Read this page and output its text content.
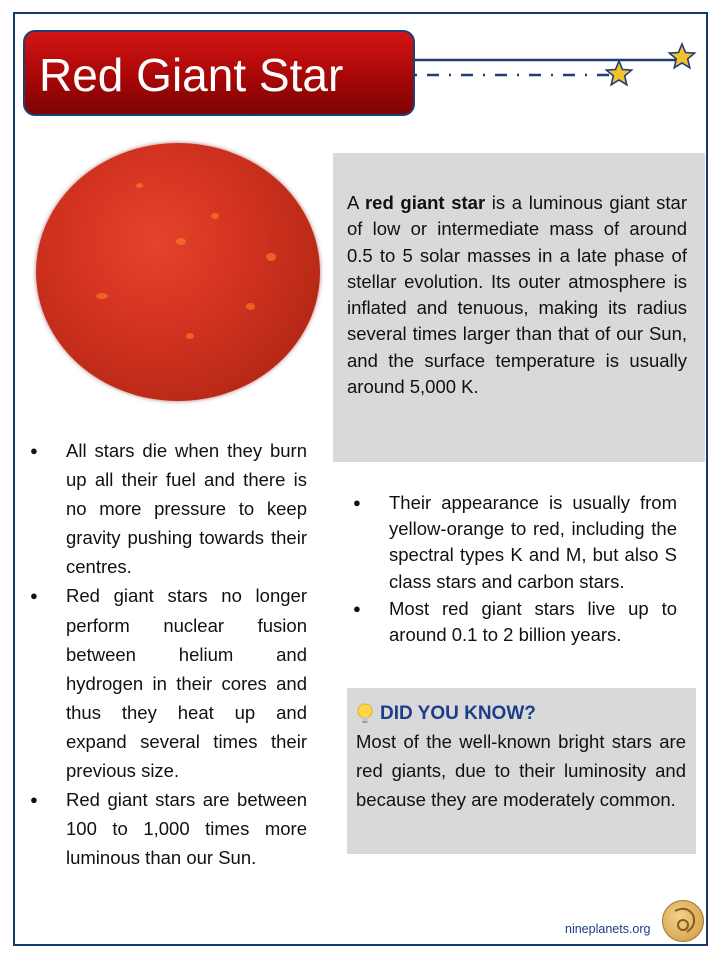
Red Giant Star
A red giant star is a luminous giant star of low or intermediate mass of around 0.5 to 5 solar masses in a late phase of stellar evolution. Its outer atmosphere is inflated and tenuous, making its radius several times larger than that of our Sun, and the surface temperature is usually around 5,000 K.
● All stars die when they burn up all their fuel and there is no more pressure to keep gravity pushing towards their centres.
● Red giant stars no longer perform nuclear fusion between helium and hydrogen in their cores and thus they heat up and expand several times their previous size.
● Red giant stars are between 100 to 1,000 times more luminous than our Sun.
● Their appearance is usually from yellow-orange to red, including the spectral types K and M, but also S class stars and carbon stars.
● Most red giant stars live up to around 0.1 to 2 billion years.
DID YOU KNOW?
Most of the well-known bright stars are red giants, due to their luminosity and because they are moderately common.
nineplanets.org
